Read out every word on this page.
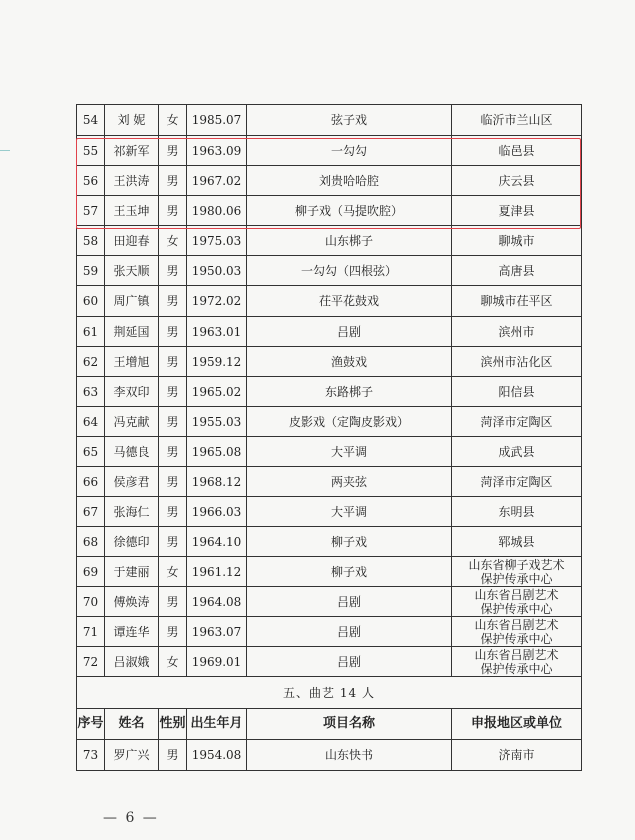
54	刘 妮	女	1985.07	弦子戏	临沂市兰山区

55	祁新军	男	1963.09	一勾勾	临邑县

56	王洪涛	男	1967.02	刘贵哈哈腔	庆云县

57	王玉坤	男	1980.06	柳子戏（马提吹腔）	夏津县

58	田迎春	女	1975.03	山东梆子	聊城市

59	张天顺	男	1950.03	一勾勾（四根弦）	高唐县

60	周广镇	男	1972.02	茌平花鼓戏	聊城市茌平区

61	荆延国	男	1963.01	吕剧	滨州市

62	王增旭	男	1959.12	渔鼓戏	滨州市沾化区

63	李双印	男	1965.02	东路梆子	阳信县

64	冯克献	男	1955.03	皮影戏（定陶皮影戏）	菏泽市定陶区

65	马德良	男	1965.08	大平调	成武县

66	侯彦君	男	1968.12	两夹弦	菏泽市定陶区

67	张海仁	男	1966.03	大平调	东明县

68	徐德印	男	1964.10	柳子戏	郓城县

69	于建丽	女	1961.12	柳子戏	山东省柳子戏艺术
保护传承中心

70	傅焕涛	男	1964.08	吕剧	山东省吕剧艺术
保护传承中心

71	谭连华	男	1963.07	吕剧	山东省吕剧艺术
保护传承中心

72	吕淑娥	女	1969.01	吕剧	山东省吕剧艺术
保护传承中心

五、曲艺 14 人					
序号	姓名	性别	出生年月	项目名称	申报地区或单位
73	罗广兴	男	1954.08	山东快书	济南市
— 6 —
